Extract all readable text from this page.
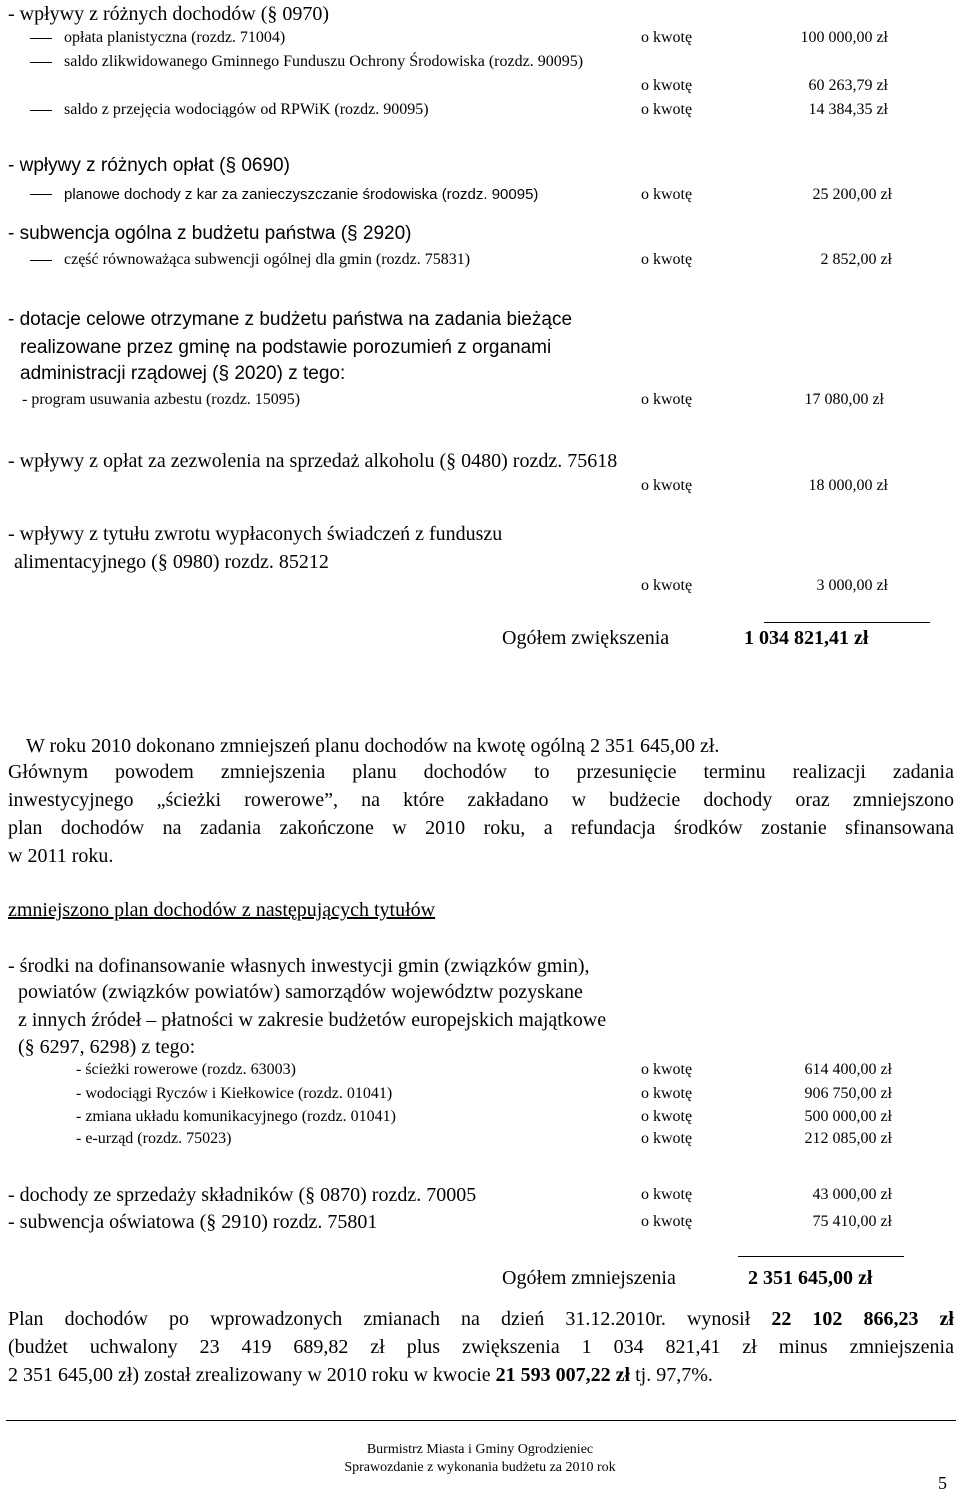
- wpływy z różnych dochodów (§ 0970)
opłata planistyczna (rozdz. 71004)	o kwotę	100 000,00 zł
saldo zlikwidowanego Gminnego Funduszu Ochrony Środowiska (rozdz. 90095)
o kwotę	60 263,79 zł
saldo z przejęcia wodociągów od RPWiK (rozdz. 90095)	o kwotę	14 384,35 zł
- wpływy z różnych opłat (§ 0690)
planowe dochody z kar za zanieczyszczanie środowiska (rozdz. 90095)	o kwotę	25 200,00 zł
- subwencja ogólna z budżetu państwa (§ 2920)
część równoważąca subwencji ogólnej dla gmin (rozdz. 75831)	o kwotę	2 852,00 zł
- dotacje celowe otrzymane z budżetu państwa na zadania bieżące
realizowane przez gminę na podstawie porozumień z organami
administracji rządowej (§ 2020) z tego:
- program usuwania azbestu (rozdz. 15095)	o kwotę	17 080,00 zł
- wpływy z opłat za zezwolenia na sprzedaż alkoholu (§ 0480) rozdz. 75618
o kwotę	18 000,00 zł
- wpływy z tytułu zwrotu wypłaconych świadczeń z funduszu
alimentacyjnego (§ 0980) rozdz. 85212
o kwotę	3 000,00 zł
Ogółem zwiększenia	1 034 821,41 zł
W roku 2010 dokonano zmniejszeń planu dochodów na kwotę ogólną 2 351 645,00 zł.
Głównym powodem zmniejszenia planu dochodów to przesunięcie terminu realizacji zadania
inwestycyjnego „ścieżki rowerowe”, na które zakładano w budżecie dochody oraz zmniejszono
plan dochodów na zadania zakończone w 2010 roku, a refundacja środków zostanie sfinansowana
w 2011 roku.
zmniejszono plan dochodów z następujących tytułów
- środki na dofinansowanie własnych inwestycji gmin (związków gmin),
powiatów (związków powiatów) samorządów województw pozyskane
z innych źródeł – płatności w zakresie budżetów europejskich majątkowe
(§ 6297, 6298) z tego:
- ścieżki rowerowe (rozdz. 63003)	o kwotę	614 400,00 zł
- wodociągi Ryczów i Kiełkowice (rozdz. 01041)	o kwotę	906 750,00 zł
- zmiana układu komunikacyjnego (rozdz. 01041)	o kwotę	500 000,00 zł
- e-urząd (rozdz. 75023)	o kwotę	212 085,00 zł
- dochody ze sprzedaży składników (§ 0870) rozdz. 70005	o kwotę	43 000,00 zł
- subwencja oświatowa (§ 2910) rozdz. 75801	o kwotę	75 410,00 zł
Ogółem zmniejszenia	2 351 645,00 zł
Plan dochodów po wprowadzonych zmianach na dzień 31.12.2010r. wynosił 22 102 866,23 zł
(budżet uchwalony 23 419 689,82 zł plus zwiększenia 1 034 821,41 zł minus zmniejszenia
2 351 645,00 zł) został zrealizowany w 2010 roku w kwocie 21 593 007,22 zł tj. 97,7%.
Burmistrz Miasta i Gminy Ogrodzieniec
Sprawozdanie z wykonania budżetu za 2010 rok
5
